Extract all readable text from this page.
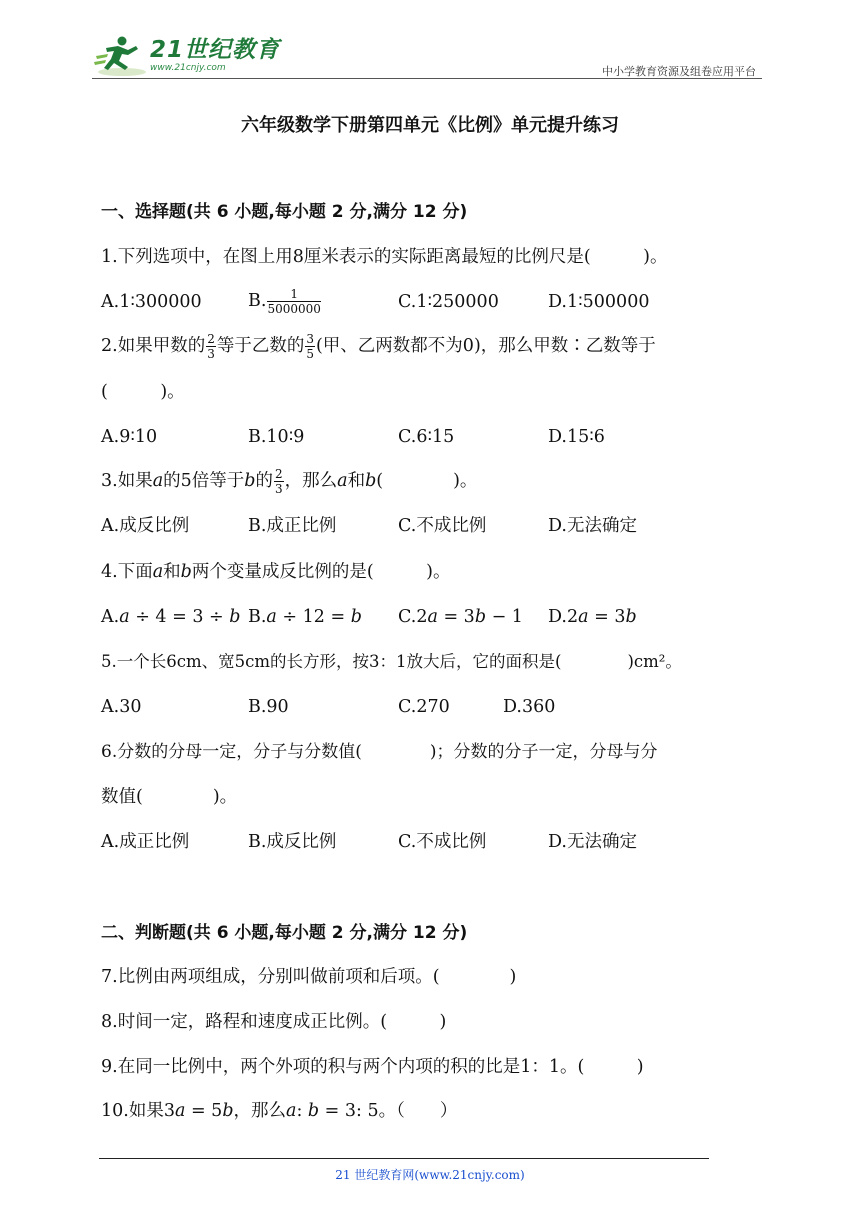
21世纪教育
www.21cnjy.com	中小学教育资源及组卷应用平台
六年级数学下册第四单元《比例》单元提升练习
一、选择题(共 6 小题,每小题 2 分,满分 12 分)
1.下列选项中，在图上用8厘米表示的实际距离最短的比例尺是(　　　)。
A.1∶300000	B. $\frac{1}{5000000}$	C.1∶250000	D.1∶500000
2.如果甲数的 $\frac{2}{3}$ 等于乙数的 $\frac{3}{5}$ (甲、乙两数都不为0)，那么甲数∶乙数等于
(　　　)。
A.9∶10	B.10∶9	C.6∶15	D.15∶6
3.如果a的5倍等于b的 $\frac{2}{3}$ ，那么a和b(　　　　)。
A.成反比例	B.成正比例	C.不成比例	D.无法确定
4.下面a和b两个变量成反比例的是(　　　)。
A.𝑎 ÷ 4 = 3 ÷ 𝑏 B.𝑎 ÷ 12 = 𝑏 C.2𝑎 = 3𝑏 − 1 D.2𝑎 = 3𝑏
5.一个长6cm、宽5cm的长方形，按3：1放大后，它的面积是(　　　　)cm²。
A.30	B.90	C.270	D.360
6.分数的分母一定，分子与分数值(　　　　)；分数的分子一定，分母与分
数值(　　　　)。
A.成正比例	B.成反比例	C.不成比例	D.无法确定
二、判断题(共 6 小题,每小题 2 分,满分 12 分)
7.比例由两项组成，分别叫做前项和后项。(　　　　)
8.时间一定，路程和速度成正比例。(　　　)
9.在同一比例中，两个外项的积与两个内项的积的比是1：1。(　　　)
10.如果3𝑎 = 5𝑏，那么𝑎: 𝑏 = 3: 5。（　　）
21 世纪教育网(www.21cnjy.com)
